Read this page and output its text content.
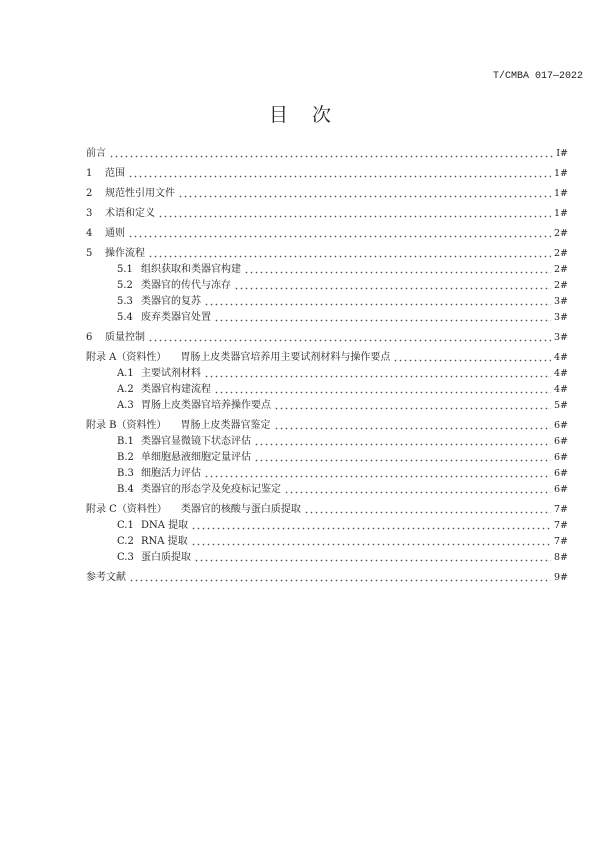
T/CMBA 017—2022
目次
前言	I#
1	范围	1#
2	规范性引用文件	1#
3	术语和定义	1#
4	通则	2#
5	操作流程	2#
5.1 组织获取和类器官构建	2#
5.2 类器官的传代与冻存	2#
5.3 类器官的复苏	3#
5.4 废弃类器官处置	3#
6	质量控制	3#
附录 A（资料性） 胃肠上皮类器官培养用主要试剂材料与操作要点	4#
A.1 主要试剂材料	4#
A.2 类器官构建流程	4#
A.3 胃肠上皮类器官培养操作要点	5#
附录 B（资料性） 胃肠上皮类器官鉴定	6#
B.1 类器官显微镜下状态评估	6#
B.2 单细胞悬液细胞定量评估	6#
B.3 细胞活力评估	6#
B.4 类器官的形态学及免疫标记鉴定	6#
附录 C（资料性） 类器官的核酸与蛋白质提取	7#
C.1 DNA 提取	7#
C.2 RNA 提取	7#
C.3 蛋白质提取	8#
参考文献	9#
